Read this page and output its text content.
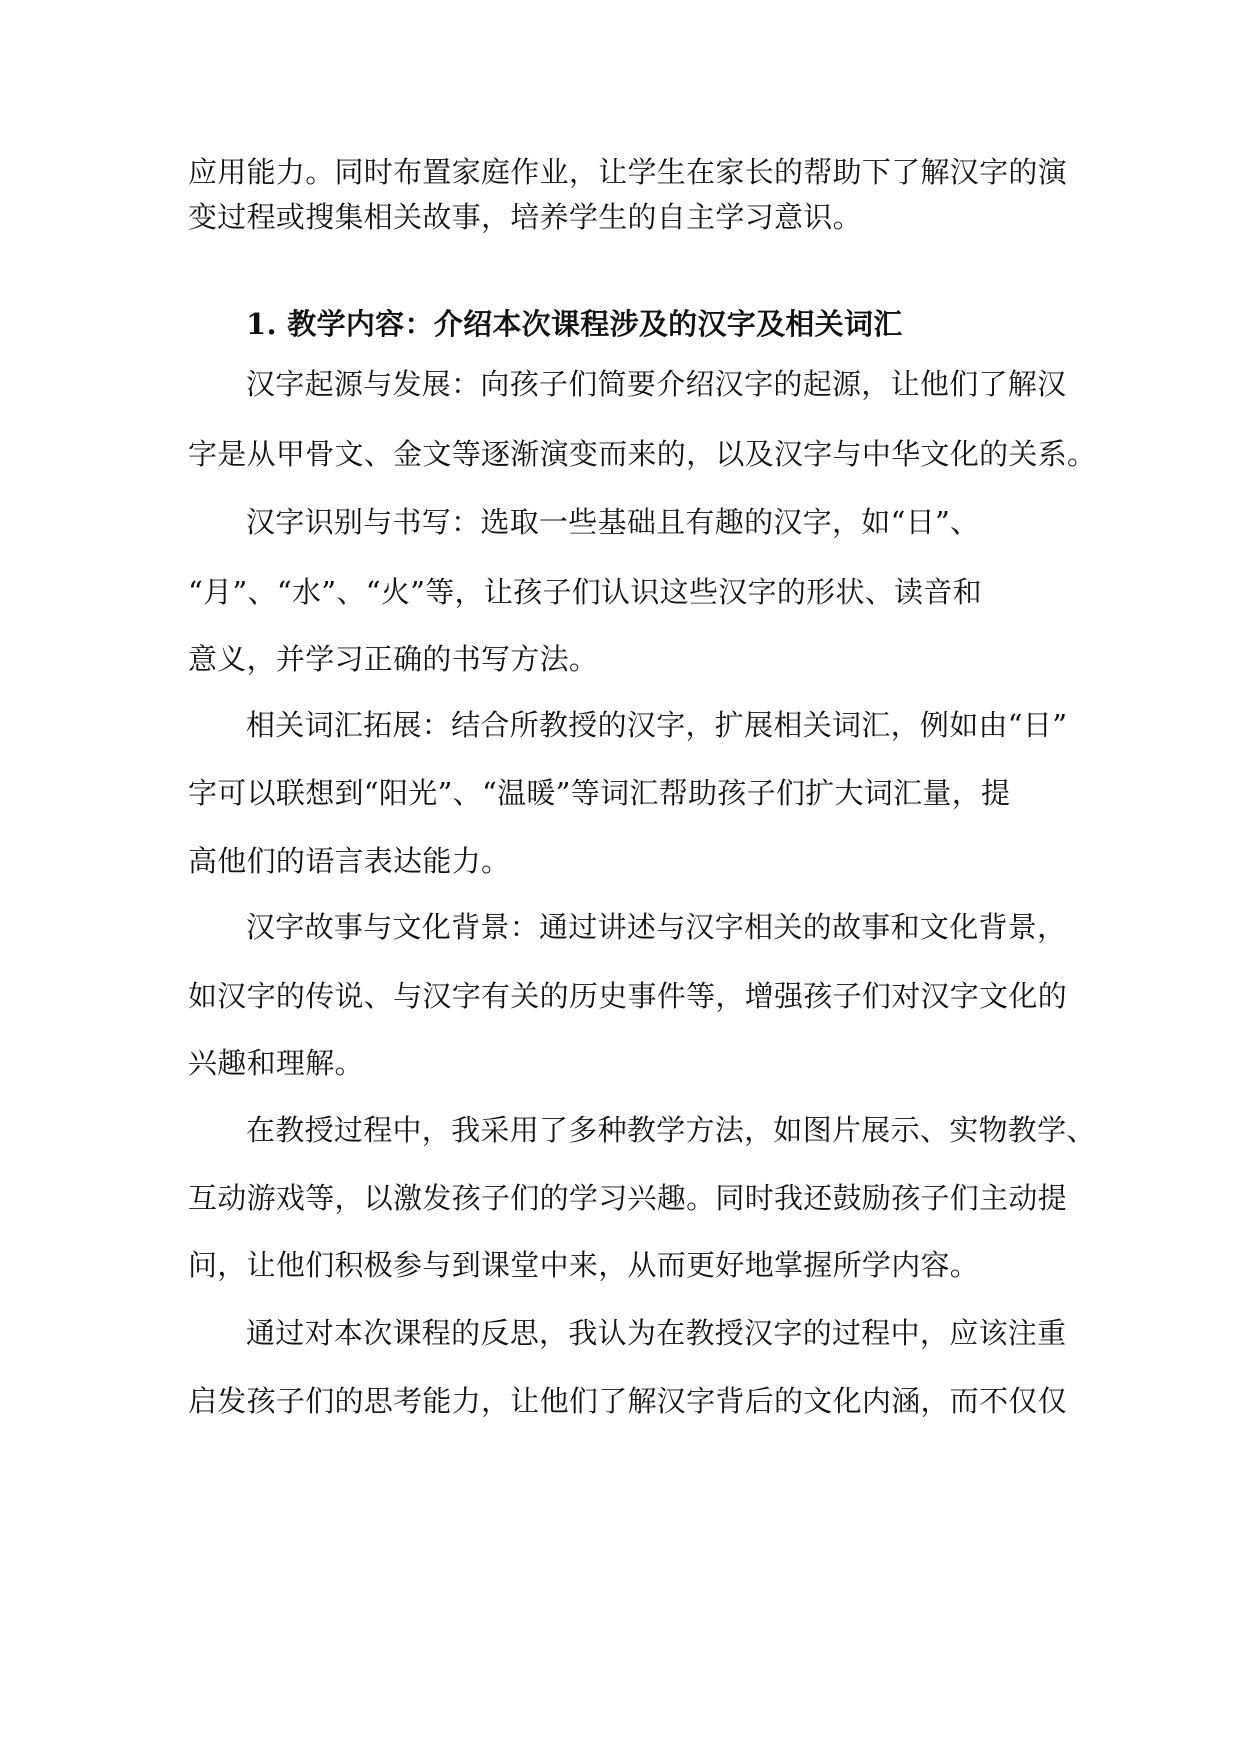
应用能力。同时布置家庭作业，让学生在家长的帮助下了解汉字的演
变过程或搜集相关故事，培养学生的自主学习意识。
1. 教学内容：介绍本次课程涉及的汉字及相关词汇
汉字起源与发展：向孩子们简要介绍汉字的起源，让他们了解汉
字是从甲骨文、金文等逐渐演变而来的，以及汉字与中华文化的关系。
汉字识别与书写：选取一些基础且有趣的汉字，如“日”、
“月”、“水”、“火”等，让孩子们认识这些汉字的形状、读音和
意义，并学习正确的书写方法。
相关词汇拓展：结合所教授的汉字，扩展相关词汇，例如由“日”
字可以联想到“阳光”、“温暖”等词汇帮助孩子们扩大词汇量，提
高他们的语言表达能力。
汉字故事与文化背景：通过讲述与汉字相关的故事和文化背景，
如汉字的传说、与汉字有关的历史事件等，增强孩子们对汉字文化的
兴趣和理解。
在教授过程中，我采用了多种教学方法，如图片展示、实物教学、
互动游戏等，以激发孩子们的学习兴趣。同时我还鼓励孩子们主动提
问，让他们积极参与到课堂中来，从而更好地掌握所学内容。
通过对本次课程的反思，我认为在教授汉字的过程中，应该注重
启发孩子们的思考能力，让他们了解汉字背后的文化内涵，而不仅仅
